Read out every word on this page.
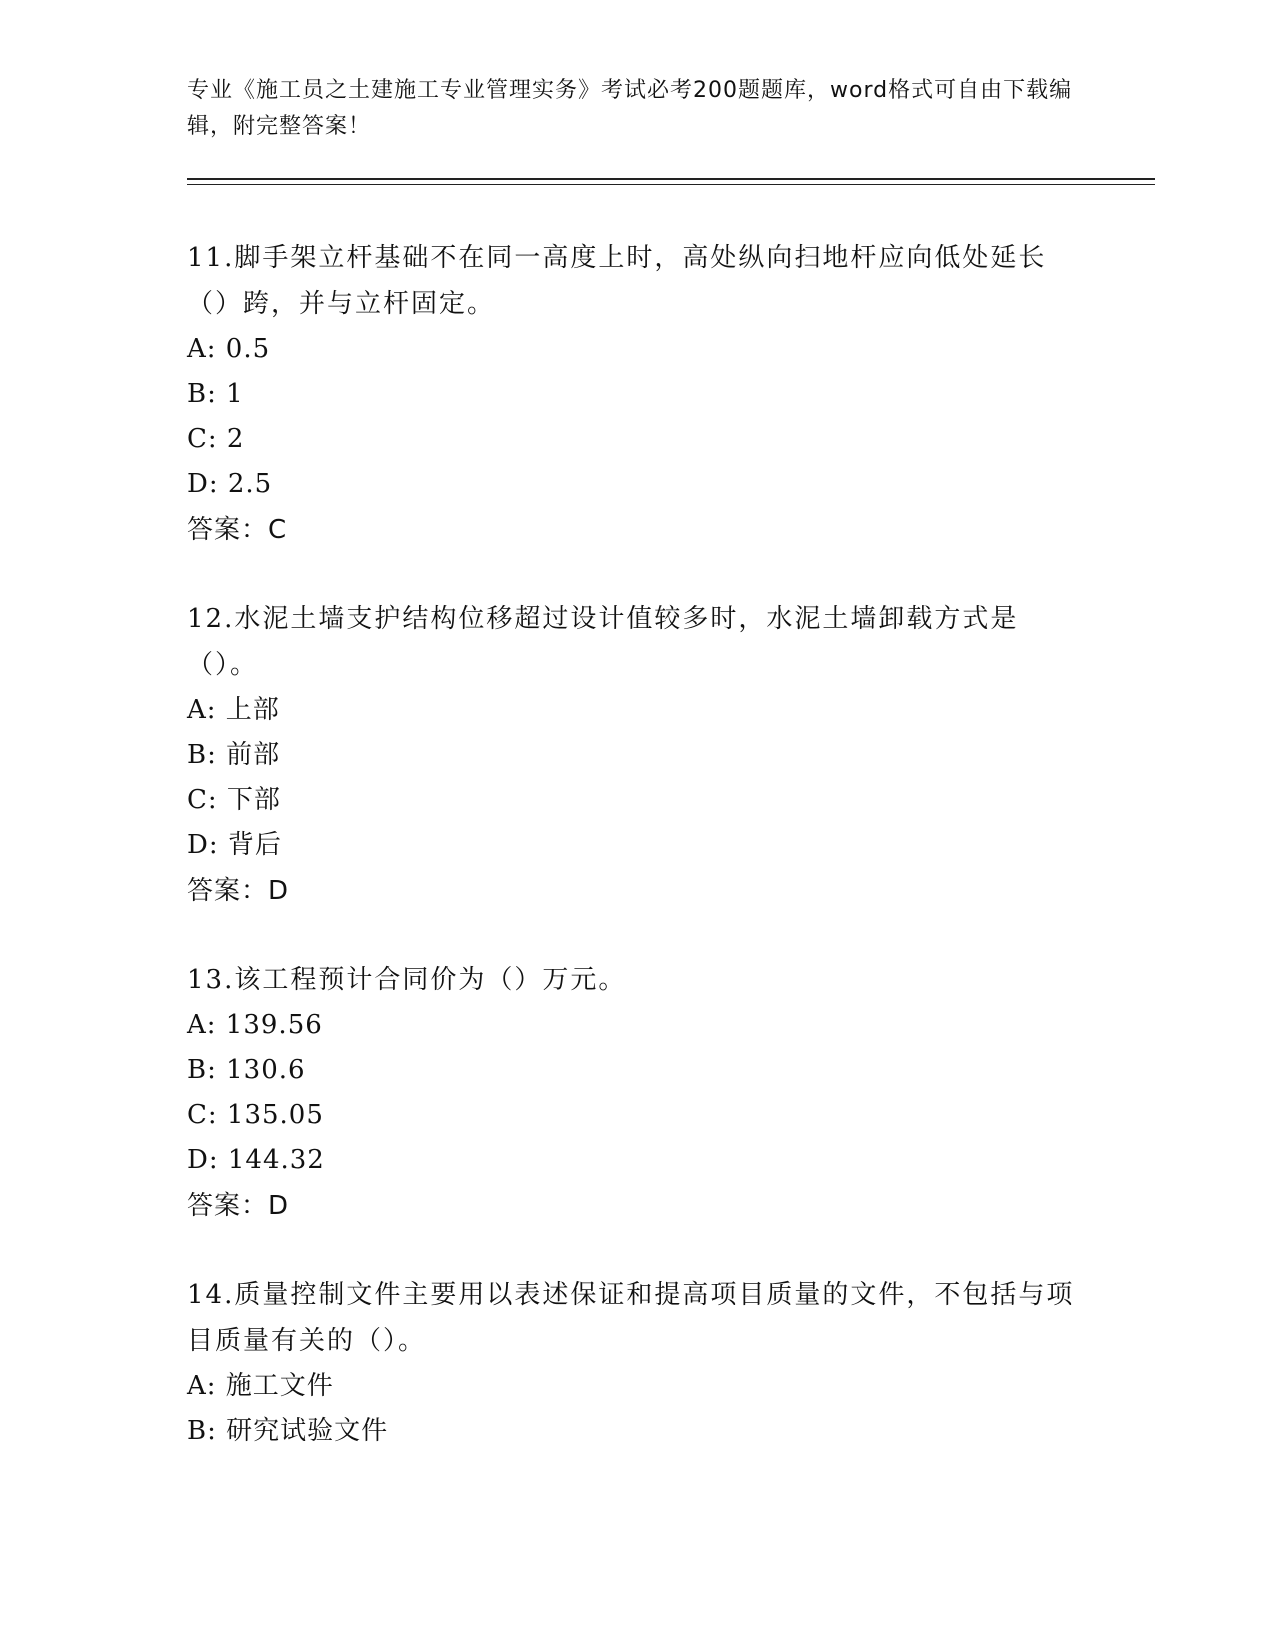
专业《施工员之土建施工专业管理实务》考试必考200题题库，word格式可自由下载编辑，附完整答案！

11.脚手架立杆基础不在同一高度上时，高处纵向扫地杆应向低处延长（）跨，并与立杆固定。

A: 0.5

B: 1

C: 2

D: 2.5

答案：C

12.水泥土墙支护结构位移超过设计值较多时，水泥土墙卸载方式是（）。

A: 上部

B: 前部

C: 下部

D: 背后

答案：D

13.该工程预计合同价为（）万元。

A: 139.56

B: 130.6

C: 135.05

D: 144.32

答案：D

14.质量控制文件主要用以表述保证和提高项目质量的文件，不包括与项目质量有关的（）。

A: 施工文件

B: 研究试验文件
